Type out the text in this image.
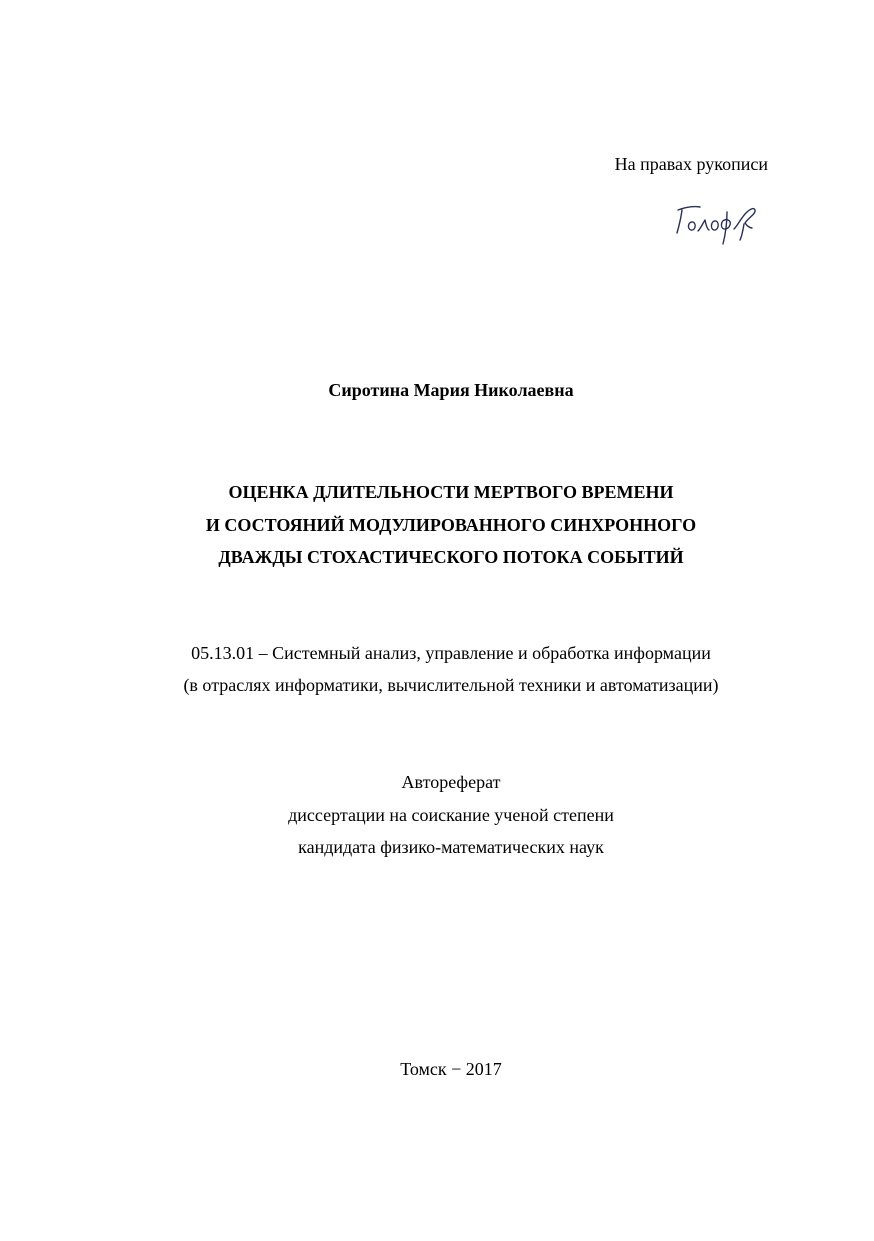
На правах рукописи
Сиротина Мария Николаевна
ОЦЕНКА ДЛИТЕЛЬНОСТИ МЕРТВОГО ВРЕМЕНИ
И СОСТОЯНИЙ МОДУЛИРОВАННОГО СИНХРОННОГО
ДВАЖДЫ СТОХАСТИЧЕСКОГО ПОТОКА СОБЫТИЙ
05.13.01 – Системный анализ, управление и обработка информации
(в отраслях информатики, вычислительной техники и автоматизации)
Автореферат
диссертации на соискание ученой степени
кандидата физико-математических наук
Томск − 2017
